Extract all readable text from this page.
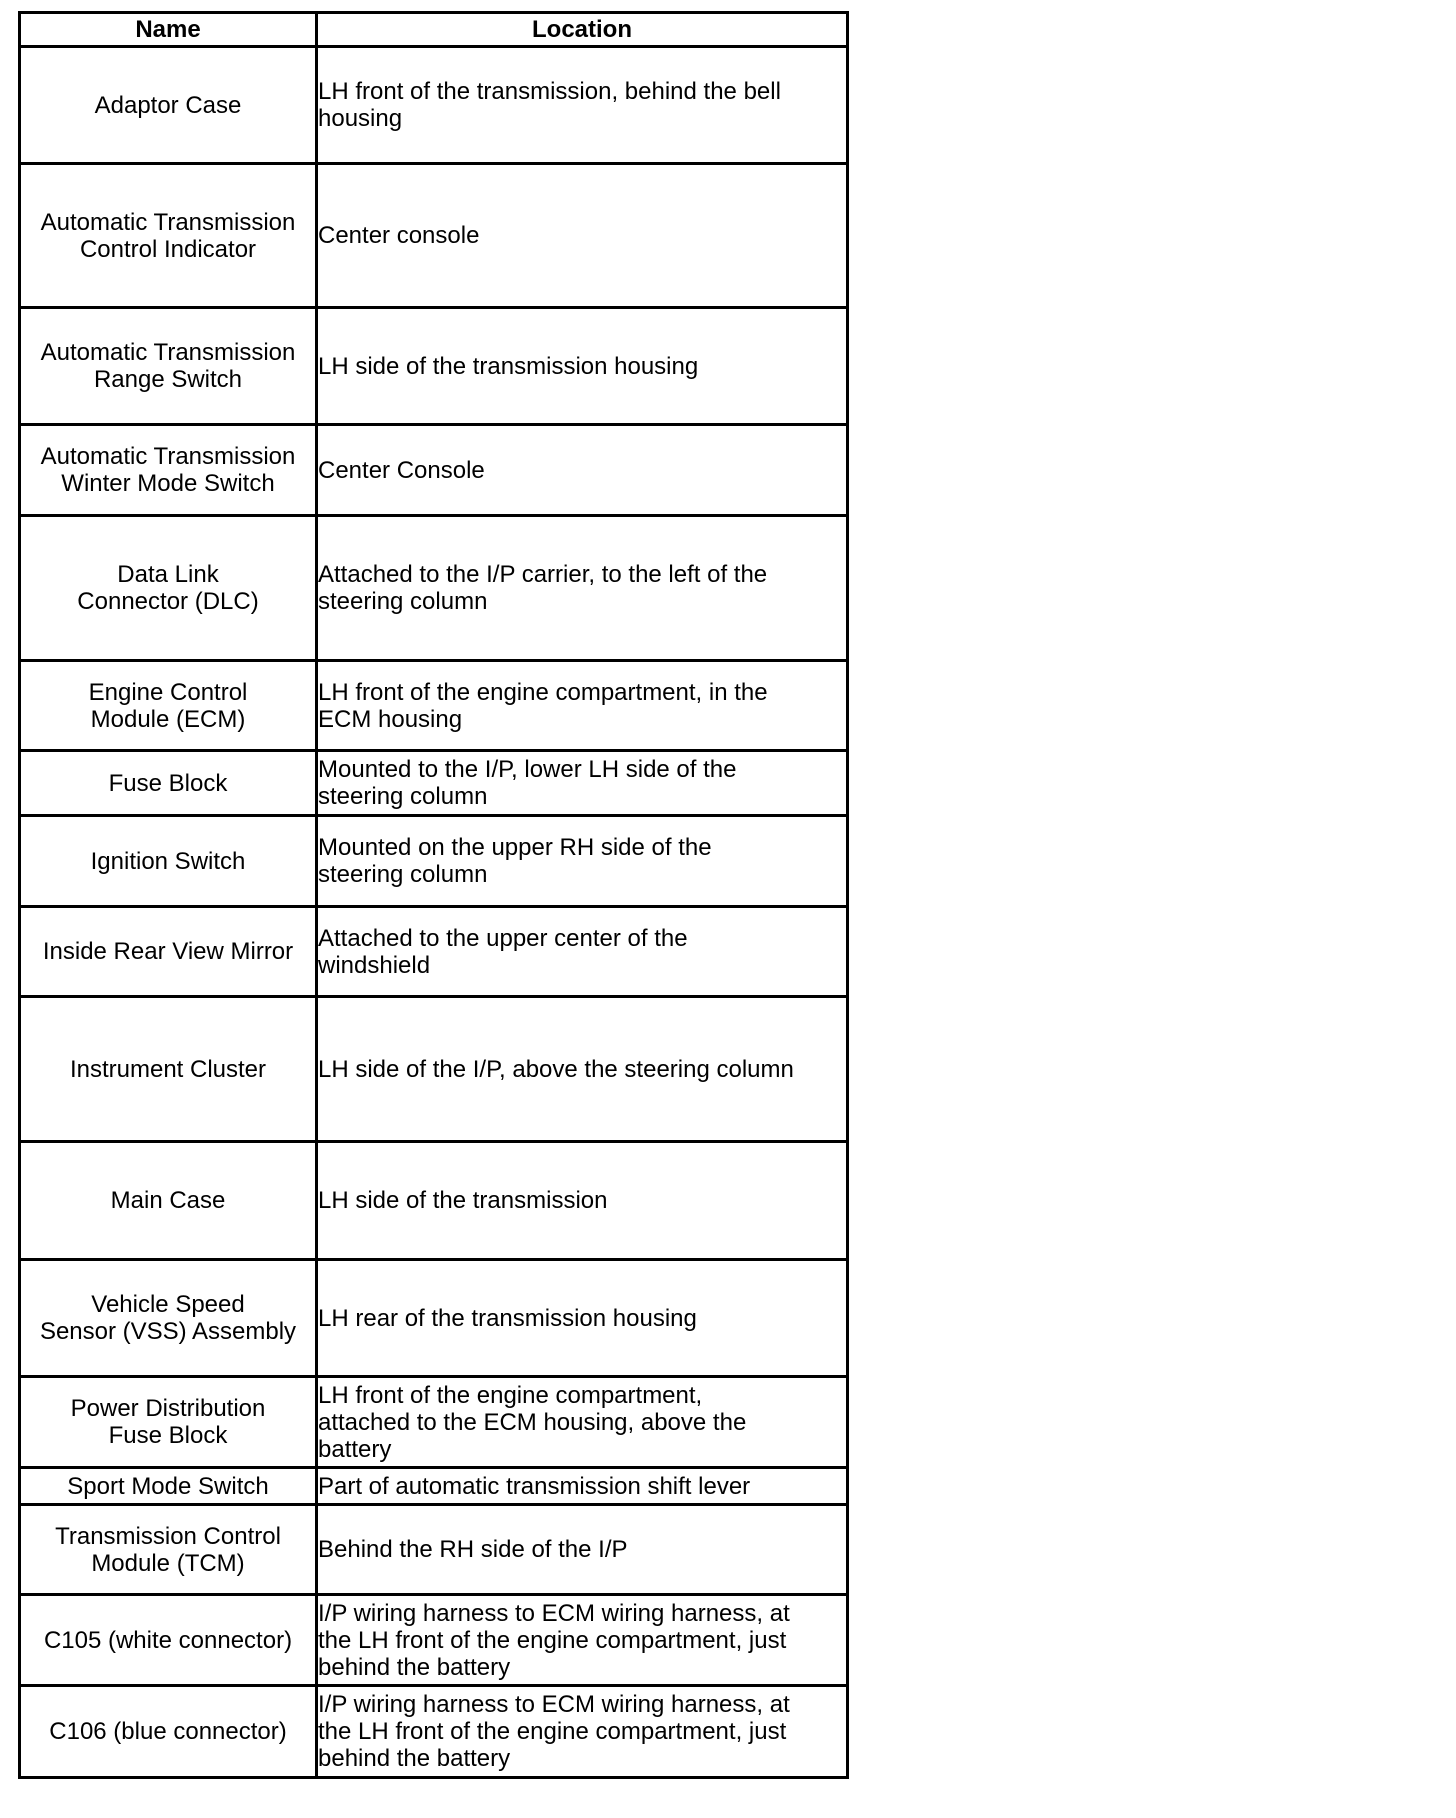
Name	Location

Adaptor Case	LH front of the transmission, behind the bell
housing

Automatic Transmission
Control Indicator	Center console

Automatic Transmission
Range Switch	LH side of the transmission housing

Automatic Transmission
Winter Mode Switch	Center Console

Data Link
Connector (DLC)	Attached to the I/P carrier, to the left of the
steering column

Engine Control
Module (ECM)	LH front of the engine compartment, in the
ECM housing

Fuse Block	Mounted to the I/P, lower LH side of the
steering column

Ignition Switch	Mounted on the upper RH side of the
steering column

Inside Rear View Mirror	Attached to the upper center of the
windshield

Instrument Cluster	LH side of the I/P, above the steering column

Main Case	LH side of the transmission

Vehicle Speed
Sensor (VSS) Assembly	LH rear of the transmission housing

Power Distribution
Fuse Block	LH front of the engine compartment,
attached to the ECM housing, above the
battery

Sport Mode Switch	Part of automatic transmission shift lever

Transmission Control
Module (TCM)	Behind the RH side of the I/P

C105 (white connector)	I/P wiring harness to ECM wiring harness, at
the LH front of the engine compartment, just
behind the battery

C106 (blue connector)	I/P wiring harness to ECM wiring harness, at
the LH front of the engine compartment, just
behind the battery
